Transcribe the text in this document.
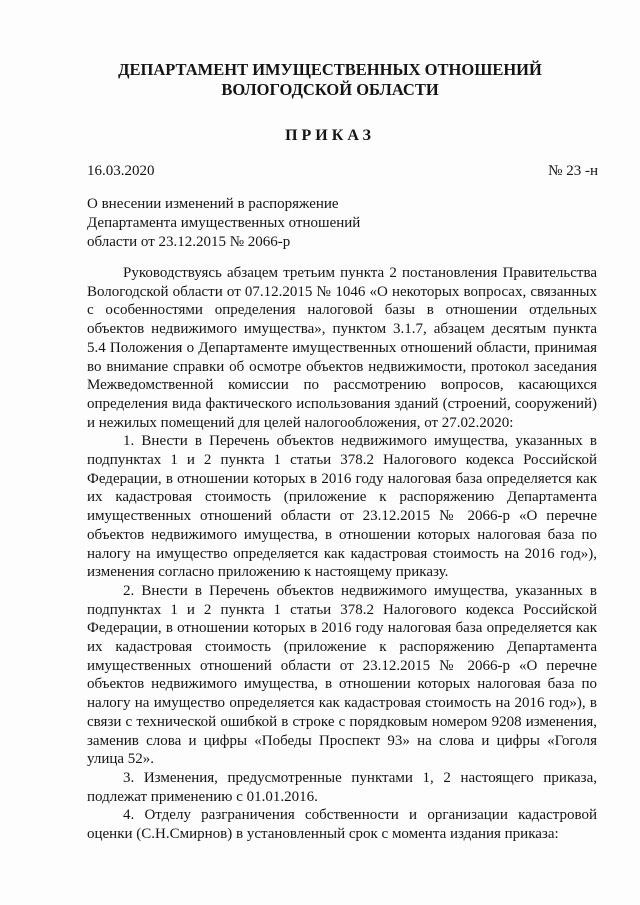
ДЕПАРТАМЕНТ ИМУЩЕСТВЕННЫХ ОТНОШЕНИЙ
ВОЛОГОДСКОЙ ОБЛАСТИ
ПРИКАЗ
16.03.2020	№ 23 -н
О внесении изменений в распоряжение
Департамента имущественных отношений
области от 23.12.2015 № 2066-р

Руководствуясь абзацем третьим пункта 2 постановления Правительства Вологодской области от 07.12.2015 № 1046 «О некоторых вопросах, связанных с особенностями определения налоговой базы в отношении отдельных объектов недвижимого имущества», пунктом 3.1.7, абзацем десятым пункта 5.4 Положения о Департаменте имущественных отношений области, принимая во внимание справки об осмотре объектов недвижимости, протокол заседания Межведомственной комиссии по рассмотрению вопросов, касающихся определения вида фактического использования зданий (строений, сооружений) и нежилых помещений для целей налогообложения, от 27.02.2020:

1. Внести в Перечень объектов недвижимого имущества, указанных в подпунктах 1 и 2 пункта 1 статьи 378.2 Налогового кодекса Российской Федерации, в отношении которых в 2016 году налоговая база определяется как их кадастровая стоимость (приложение к распоряжению Департамента имущественных отношений области от 23.12.2015 № 2066-р «О перечне объектов недвижимого имущества, в отношении которых налоговая база по налогу на имущество определяется как кадастровая стоимость на 2016 год»), изменения согласно приложению к настоящему приказу.

2. Внести в Перечень объектов недвижимого имущества, указанных в подпунктах 1 и 2 пункта 1 статьи 378.2 Налогового кодекса Российской Федерации, в отношении которых в 2016 году налоговая база определяется как их кадастровая стоимость (приложение к распоряжению Департамента имущественных отношений области от 23.12.2015 № 2066-р «О перечне объектов недвижимого имущества, в отношении которых налоговая база по налогу на имущество определяется как кадастровая стоимость на 2016 год»), в связи с технической ошибкой в строке с порядковым номером 9208 изменения, заменив слова и цифры «Победы Проспект 93» на слова и цифры «Гоголя улица 52».

3. Изменения, предусмотренные пунктами 1, 2 настоящего приказа, подлежат применению с 01.01.2016.

4. Отделу разграничения собственности и организации кадастровой оценки (С.Н.Смирнов) в установленный срок с момента издания приказа:
